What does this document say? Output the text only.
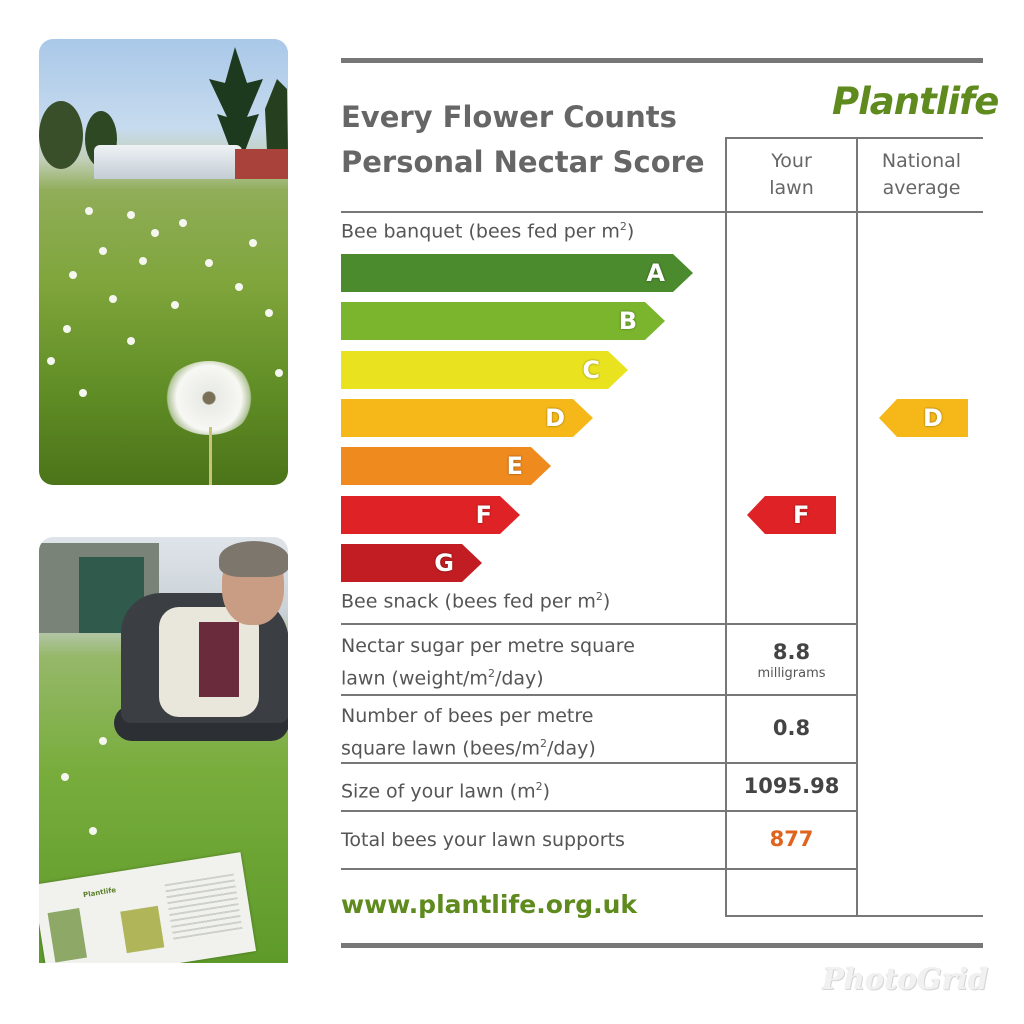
Plantlife
Every Flower Counts
Personal Nectar Score
Plantlife
Your
lawn
National
average
Bee banquet (bees fed per $m^2$)
A
B
C
D
E
F
G
Bee snack (bees fed per $m^2$)
F
D
Nectar sugar per metre square
lawn $(weight/m^2/day)$
8.8
milligrams
Number of bees per metre
square lawn $(bees/m^2/day)$
0.8
Size of your lawn $(m^2)$	1095.98
Total bees your lawn supports	877
www.plantlife.org.uk
PhotoGrid
